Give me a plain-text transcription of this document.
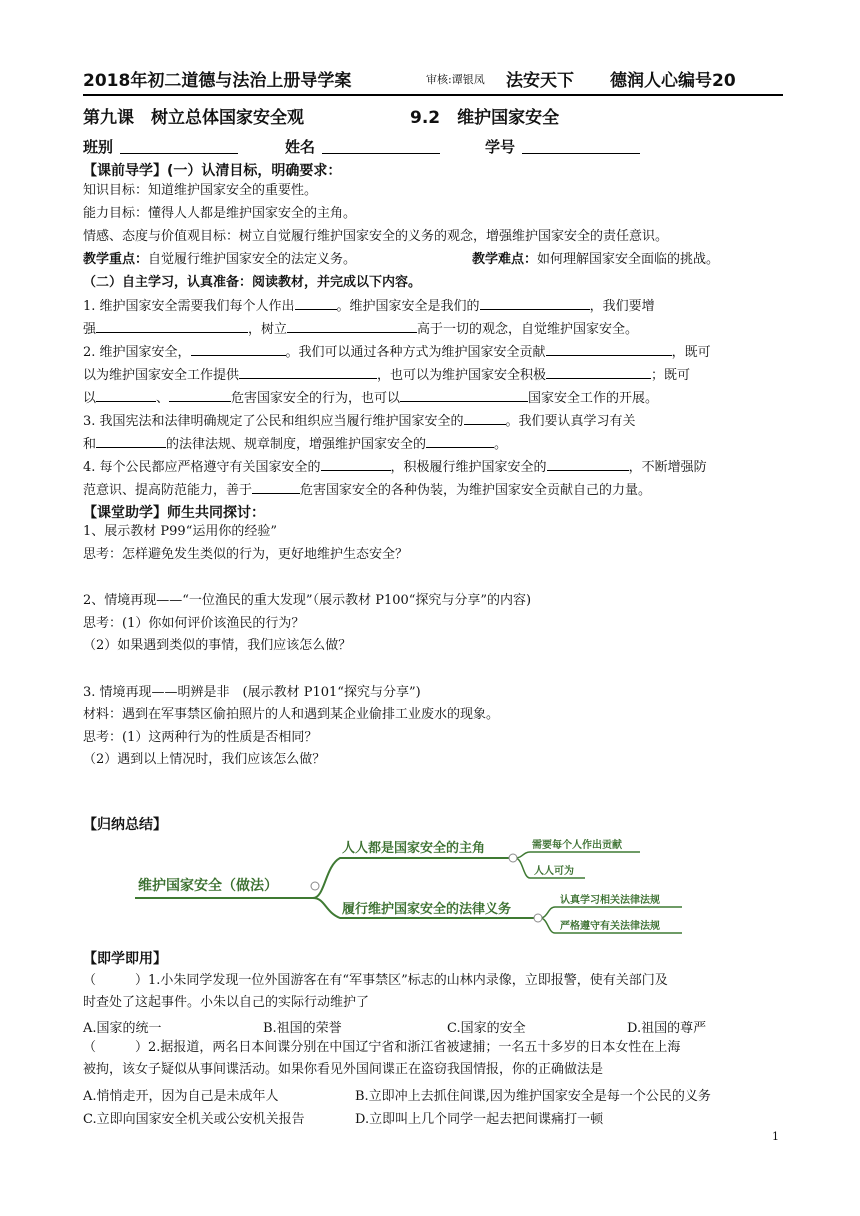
2018年初二道德与法治上册导学案	审核:谭银凤 法安天下 德润人心编号20
第九课　树立总体国家安全观	9.2　维护国家安全
班别	姓名	学号
【课前导学】(一）认清目标，明确要求：
知识目标：知道维护国家安全的重要性。
能力目标：懂得人人都是维护国家安全的主角。
情感、态度与价值观目标：树立自觉履行维护国家安全的义务的观念，增强维护国家安全的责任意识。
教学重点：自觉履行维护国家安全的法定义务。	教学难点：如何理解国家安全面临的挑战。
（二）自主学习，认真准备：阅读教材，并完成以下内容。
1. 维护国家安全需要我们每个人作出	。维护国家安全是我们的	，我们要增
强	，树立	高于一切的观念，自觉维护国家安全。
2. 维护国家安全，	。我们可以通过各种方式为维护国家安全贡献	，既可
以为维护国家安全工作提供	，也可以为维护国家安全积极	；既可
以	、	危害国家安全的行为，也可以	国家安全工作的开展。
3. 我国宪法和法律明确规定了公民和组织应当履行维护国家安全的	。我们要认真学习有关
和	的法律法规、规章制度，增强维护国家安全的	。
4. 每个公民都应严格遵守有关国家安全的	，积极履行维护国家安全的	，不断增强防
范意识、提高防范能力，善于	危害国家安全的各种伪装，为维护国家安全贡献自己的力量。
【课堂助学】师生共同探讨：
1、展示教材 P99“运用你的经验”
思考：怎样避免发生类似的行为，更好地维护生态安全？
2、情境再现——“一位渔民的重大发现”（展示教材 P100“探究与分享”的内容)
思考：(1）你如何评价该渔民的行为？
（2）如果遇到类似的事情，我们应该怎么做？
3. 情境再现——明辨是非　(展示教材 P101“探究与分享”)
材料：遇到在军事禁区偷拍照片的人和遇到某企业偷排工业废水的现象。
思考：(1）这两种行为的性质是否相同？
（2）遇到以上情况时，我们应该怎么做？
【归纳总结】
维护国家安全（做法）
人人都是国家安全的主角
履行维护国家安全的法律义务
需要每个人作出贡献
人人可为
认真学习相关法律法规
严格遵守有关法律法规
【即学即用】
（　　　）1.小朱同学发现一位外国游客在有“军事禁区”标志的山林内录像，立即报警，使有关部门及
时查处了这起事件。小朱以自己的实际行动维护了
A.国家的统一	B.祖国的荣誉	C.国家的安全	D.祖国的尊严
（　　　）2.据报道，两名日本间谍分别在中国辽宁省和浙江省被逮捕；一名五十多岁的日本女性在上海
被拘，该女子疑似从事间谍活动。如果你看见外国间谍正在盗窃我国情报，你的正确做法是
A.悄悄走开，因为自己是未成年人	B.立即冲上去抓住间谍,因为维护国家安全是每一个公民的义务
C.立即向国家安全机关或公安机关报告	D.立即叫上几个同学一起去把间谍痛打一顿
1
